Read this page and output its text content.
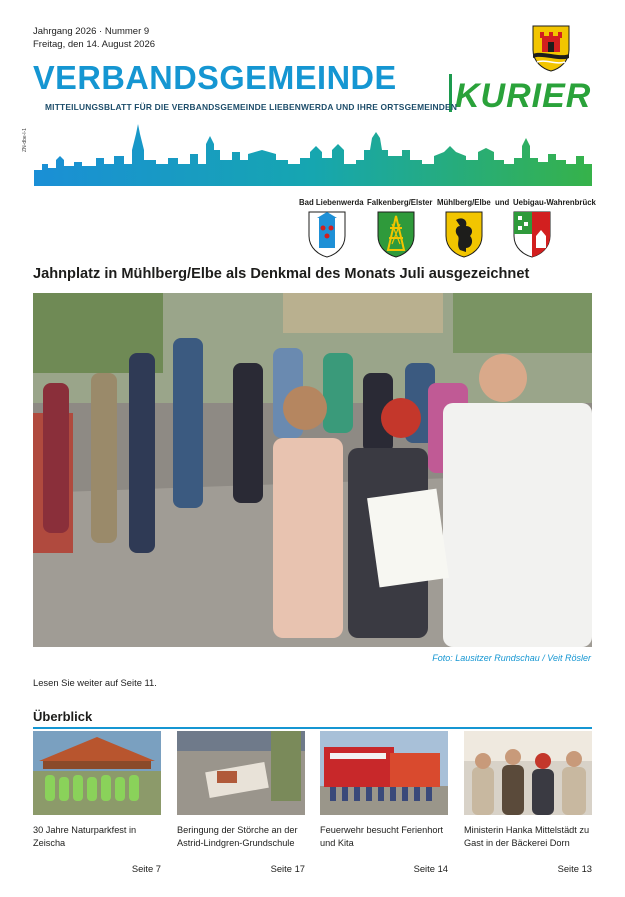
Jahrgang 2026 · Nummer 9
Freitag, den 14. August 2026
VERBANDSGEMEINDE KURIER
MITTEILUNGSBLATT FÜR DIE VERBANDSGEMEINDE LIEBENWERDA UND IHRE ORTSGEMEINDEN
ZN-dbe-l-1
Bad Liebenwerda Falkenberg/Elster Mühlberg/Elbe und Uebigau-Wahrenbrück
Jahnplatz in Mühlberg/Elbe als Denkmal des Monats Juli ausgezeichnet
Foto: Lausitzer Rundschau / Veit Rösler
Lesen Sie weiter auf Seite 11.
Überblick
30 Jahre Naturparkfest in Zeischa
Beringung der Störche an der Astrid-Lindgren-Grundschule
Feuerwehr besucht Ferienhort und Kita
Ministerin Hanka Mittelstädt zu Gast in der Bäckerei Dorn
Seite 7	Seite 17	Seite 14	Seite 13
